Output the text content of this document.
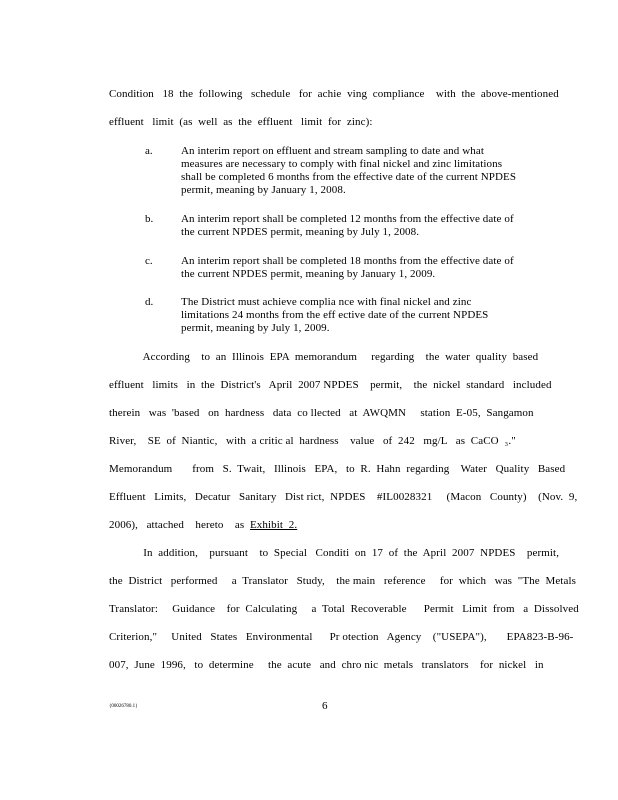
Condition   18  the  following   schedule   for  achie  ving  compliance    with  the  above-mentioned
effluent   limit  (as  well  as  the  effluent   limit  for  zinc):
a.	An interim report on effluent and stream sampling to date and what
measures are necessary to comply with final nickel and zinc limitations
shall be completed 6 months from the effective date of the current NPDES
permit, meaning by January 1, 2008.
b.	An interim report shall be completed 12 months from the effective date of
the current NPDES permit, meaning by July 1, 2008.
c.	An interim report shall be completed 18 months from the effective date of
the current NPDES permit, meaning by January 1, 2009.
d.	The District must achieve complia nce with final nickel and zinc
limitations 24 months from the eff ective date of the current NPDES
permit, meaning by July 1, 2009.
According    to  an  Illinois  EPA  memorandum     regarding    the  water  quality  based
effluent   limits   in  the  District's   April  2007 NPDES    permit,    the  nickel  standard   included
therein   was  'based   on  hardness   data  co llected   at  AWQMN     station  E-05,  Sangamon
River,    SE  of  Niantic,   with  a critic al  hardness    value   of  242   mg/L   as  CaCO  ₃."
Memorandum       from   S.  Twait,   Illinois   EPA,   to  R.  Hahn  regarding    Water   Quality   Based
Effluent   Limits,   Decatur   Sanitary   Dist rict,  NPDES    #IL0028321     (Macon   County)    (Nov.  9,
2006),   attached    hereto    as  Exhibit  2.
In  addition,    pursuant    to  Special   Conditi  on  17  of  the  April  2007  NPDES    permit,
the  District   performed     a  Translator   Study,    the main   reference     for  which   was  "The  Metals
Translator:     Guidance    for  Calculating     a  Total  Recoverable      Permit   Limit  from   a  Dissolved
Criterion,"     United   States   Environmental      Pr otection   Agency    ("USEPA"),       EPA823-B-96-
007,  June  1996,   to  determine     the  acute   and  chro nic  metals   translators    for  nickel   in
{00026780.1}	6
